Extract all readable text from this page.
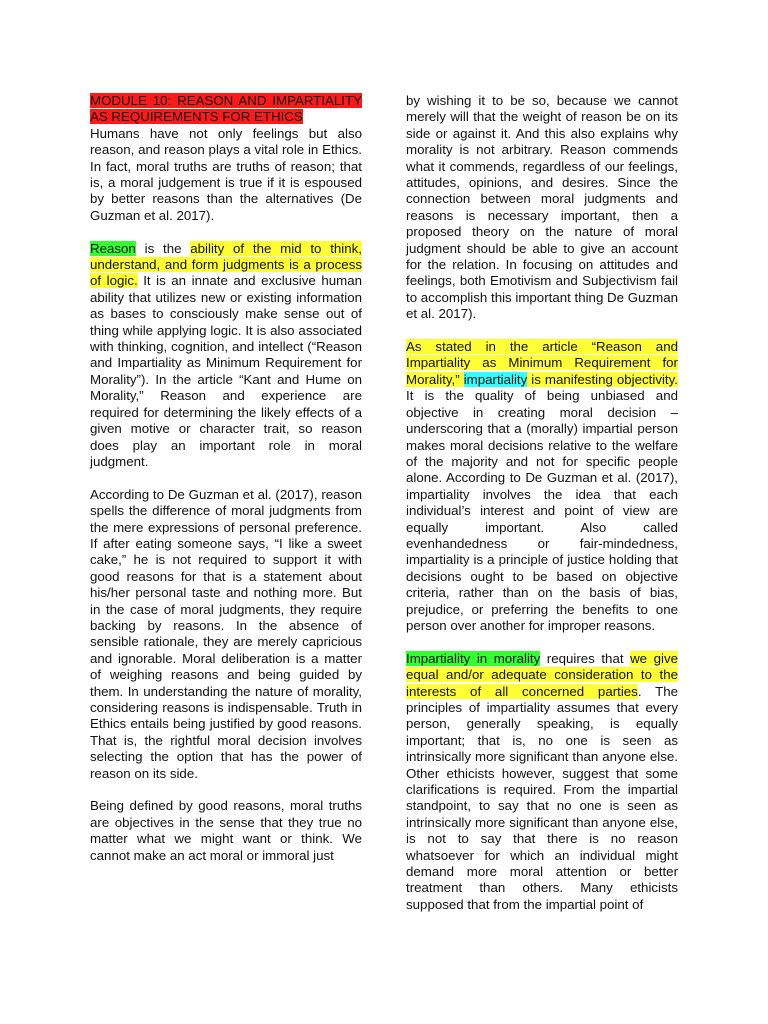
MODULE 10: REASON AND IMPARTIALITY AS REQUIREMENTS FOR ETHICS
Humans have not only feelings but also reason, and reason plays a vital role in Ethics. In fact, moral truths are truths of reason; that is, a moral judgement is true if it is espoused by better reasons than the alternatives (De Guzman et al. 2017).

Reason is the ability of the mid to think, understand, and form judgments is a process of logic. It is an innate and exclusive human ability that utilizes new or existing information as bases to consciously make sense out of thing while applying logic. It is also associated with thinking, cognition, and intellect (“Reason and Impartiality as Minimum Requirement for Morality”). In the article “Kant and Hume on Morality,” Reason and experience are required for determining the likely effects of a given motive or character trait, so reason does play an important role in moral judgment.

According to De Guzman et al. (2017), reason spells the difference of moral judgments from the mere expressions of personal preference. If after eating someone says, “I like a sweet cake,” he is not required to support it with good reasons for that is a statement about his/her personal taste and nothing more. But in the case of moral judgments, they require backing by reasons. In the absence of sensible rationale, they are merely capricious and ignorable. Moral deliberation is a matter of weighing reasons and being guided by them. In understanding the nature of morality, considering reasons is indispensable. Truth in Ethics entails being justified by good reasons. That is, the rightful moral decision involves selecting the option that has the power of reason on its side.

Being defined by good reasons, moral truths are objectives in the sense that they true no matter what we might want or think. We cannot make an act moral or immoral just

by wishing it to be so, because we cannot merely will that the weight of reason be on its side or against it. And this also explains why morality is not arbitrary. Reason commends what it commends, regardless of our feelings, attitudes, opinions, and desires. Since the connection between moral judgments and reasons is necessary important, then a proposed theory on the nature of moral judgment should be able to give an account for the relation. In focusing on attitudes and feelings, both Emotivism and Subjectivism fail to accomplish this important thing De Guzman et al. 2017).

As stated in the article “Reason and Impartiality as Minimum Requirement for Morality,” impartiality is manifesting objectivity. It is the quality of being unbiased and objective in creating moral decision – underscoring that a (morally) impartial person makes moral decisions relative to the welfare of the majority and not for specific people alone. According to De Guzman et al. (2017), impartiality involves the idea that each individual’s interest and point of view are equally important. Also called evenhandedness or fair-mindedness, impartiality is a principle of justice holding that decisions ought to be based on objective criteria, rather than on the basis of bias, prejudice, or preferring the benefits to one person over another for improper reasons.

Impartiality in morality requires that we give equal and/or adequate consideration to the interests of all concerned parties. The principles of impartiality assumes that every person, generally speaking, is equally important; that is, no one is seen as intrinsically more significant than anyone else. Other ethicists however, suggest that some clarifications is required. From the impartial standpoint, to say that no one is seen as intrinsically more significant than anyone else, is not to say that there is no reason whatsoever for which an individual might demand more moral attention or better treatment than others. Many ethicists supposed that from the impartial point of
